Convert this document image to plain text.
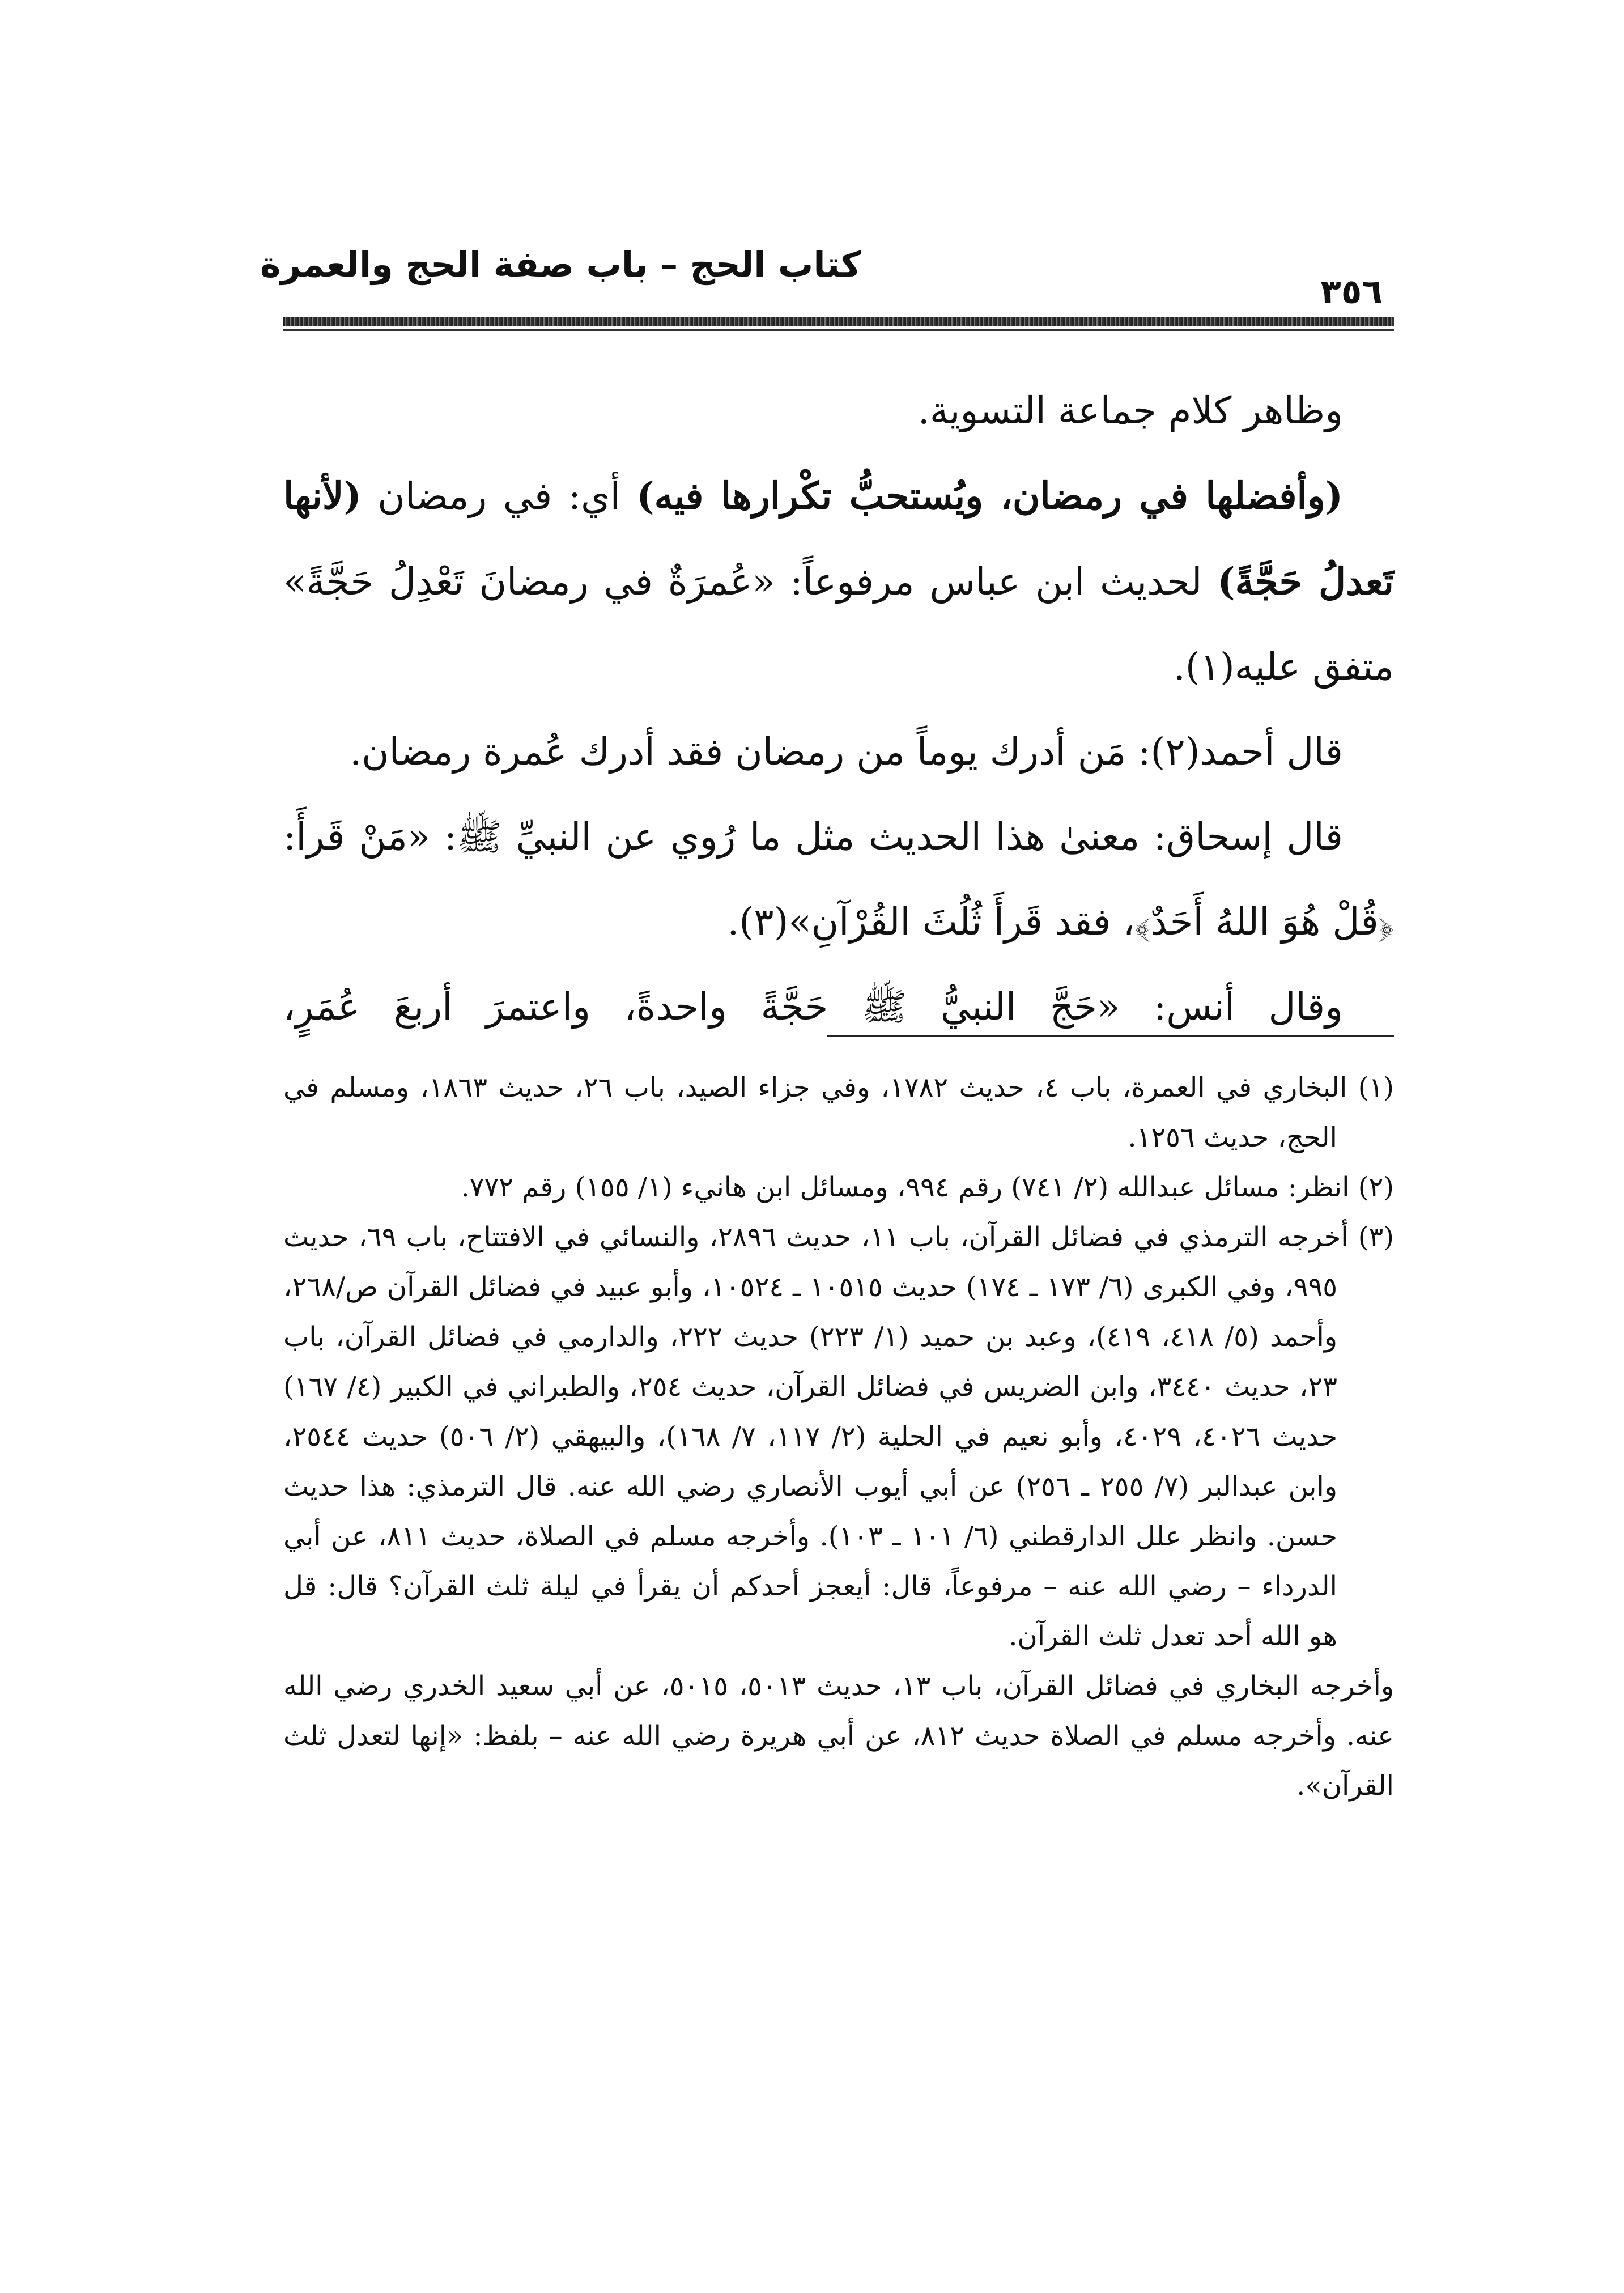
كتاب الحج – باب صفة الحج والعمرة
٣٥٦

وظاهر كلام جماعة التسوية.

(وأفضلها في رمضان، ويُستحبُّ تكْرارها فيه) أي: في رمضان (لأنها تَعدلُ حَجَّةً) لحديث ابن عباس مرفوعاً: «عُمرَةٌ في رمضانَ تَعْدِلُ حَجَّةً» متفق عليه(١).

قال أحمد(٢): مَن أدرك يوماً من رمضان فقد أدرك عُمرة رمضان.

قال إسحاق: معنىٰ هذا الحديث مثل ما رُوي عن النبيِّ ﷺ: «مَنْ قَرأَ: ﴿قُلْ هُوَ اللهُ أَحَدٌ﴾، فقد قَرأَ ثُلُثَ القُرْآنِ»(٣).

وقال أنس: «حَجَّ النبيُّ ﷺ حَجَّةً واحدةً، واعتمرَ أربعَ عُمَرٍ،

(١) البخاري في العمرة، باب ٤، حديث ١٧٨٢، وفي جزاء الصيد، باب ٢٦، حديث ١٨٦٣، ومسلم في الحج، حديث ١٢٥٦.

(٢) انظر: مسائل عبدالله (٢/ ٧٤١) رقم ٩٩٤، ومسائل ابن هانيء (١/ ١٥٥) رقم ٧٧٢.

(٣) أخرجه الترمذي في فضائل القرآن، باب ١١، حديث ٢٨٩٦، والنسائي في الافتتاح، باب ٦٩، حديث ٩٩٥، وفي الكبرى (٦/ ١٧٣ ـ ١٧٤) حديث ١٠٥١٥ ـ ١٠٥٢٤، وأبو عبيد في فضائل القرآن ص/٢٦٨، وأحمد (٥/ ٤١٨، ٤١٩)، وعبد بن حميد (١/ ٢٢٣) حديث ٢٢٢، والدارمي في فضائل القرآن، باب ٢٣، حديث ٣٤٤٠، وابن الضريس في فضائل القرآن، حديث ٢٥٤، والطبراني في الكبير (٤/ ١٦٧) حديث ٤٠٢٦، ٤٠٢٩، وأبو نعيم في الحلية (٢/ ١١٧، ٧/ ١٦٨)، والبيهقي (٢/ ٥٠٦) حديث ٢٥٤٤، وابن عبدالبر (٧/ ٢٥٥ ـ ٢٥٦) عن أبي أيوب الأنصاري رضي الله عنه. قال الترمذي: هذا حديث حسن. وانظر علل الدارقطني (٦/ ١٠١ ـ ١٠٣). وأخرجه مسلم في الصلاة، حديث ٨١١، عن أبي الدرداء – رضي الله عنه – مرفوعاً، قال: أيعجز أحدكم أن يقرأ في ليلة ثلث القرآن؟ قال: قل هو الله أحد تعدل ثلث القرآن.

وأخرجه البخاري في فضائل القرآن، باب ١٣، حديث ٥٠١٣، ٥٠١٥، عن أبي سعيد الخدري رضي الله عنه. وأخرجه مسلم في الصلاة حديث ٨١٢، عن أبي هريرة رضي الله عنه – بلفظ: «إنها لتعدل ثلث القرآن».
